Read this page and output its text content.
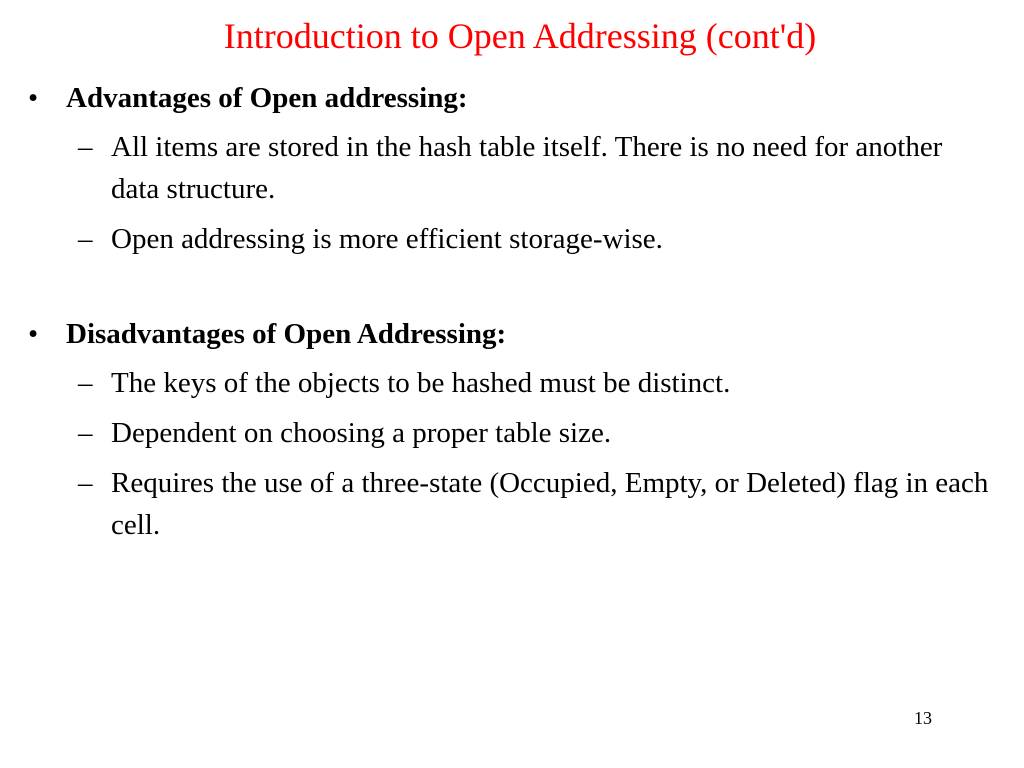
Introduction to Open Addressing (cont'd)
• Advantages of Open addressing:
– All items are stored in the hash table itself. There is no need for another data structure.
– Open addressing is more efficient storage-wise.
• Disadvantages of Open Addressing:
– The keys of the objects to be hashed must be distinct.
– Dependent on choosing a proper table size.
– Requires the use of a three-state (Occupied, Empty, or Deleted) flag in each cell.
13
